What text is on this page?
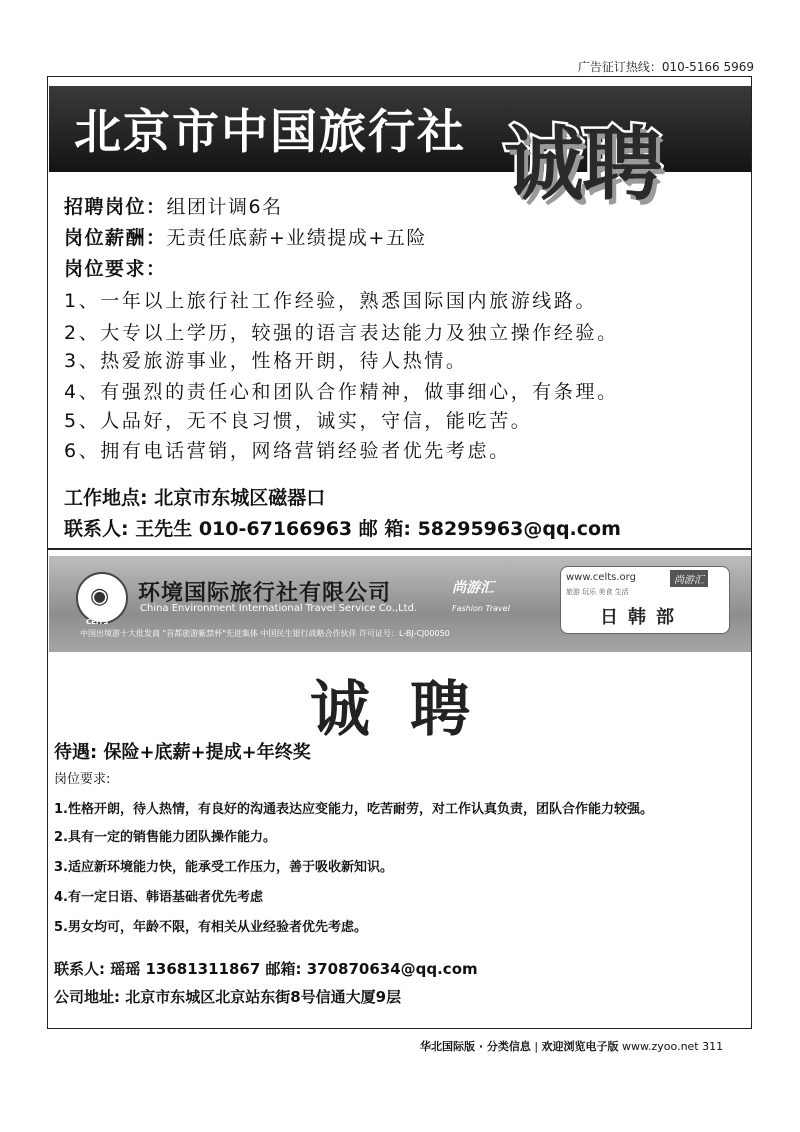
广告征订热线：010-5166 5969
北京市中国旅行社 诚聘
招聘岗位：组团计调6名
岗位薪酬：无责任底薪+业绩提成+五险
岗位要求：
1、一年以上旅行社工作经验，熟悉国际国内旅游线路。
2、大专以上学历，较强的语言表达能力及独立操作经验。
3、热爱旅游事业，性格开朗，待人热情。
4、有强烈的责任心和团队合作精神，做事细心，有条理。
5、人品好，无不良习惯，诚实，守信，能吃苦。
6、拥有电话营销，网络营销经验者优先考虑。
工作地点: 北京市东城区磁器口
联系人: 王先生 010-67166963 邮 箱: 58295963@qq.com
◉
CEITS
环境国际旅行社有限公司
China Environment International Travel Service Co.,Ltd.
尚游汇
Fashion Travel
中国出境游十大批发商 "首都旅游紫禁杯"先进集体 中国民生银行战略合作伙伴 许可证号：L-BJ-CJ00050
www.celts.org	尚游汇
旅游 玩乐 美食 生活
日韩部
诚聘
待遇: 保险+底薪+提成+年终奖
岗位要求:
1.性格开朗，待人热情，有良好的沟通表达应变能力，吃苦耐劳，对工作认真负责，团队合作能力较强。
2.具有一定的销售能力团队操作能力。
3.适应新环境能力快，能承受工作压力，善于吸收新知识。
4.有一定日语、韩语基础者优先考虑
5.男女均可，年龄不限，有相关从业经验者优先考虑。
联系人: 瑶瑶 13681311867 邮箱: 370870634@qq.com
公司地址: 北京市东城区北京站东街8号信通大厦9层
华北国际版 · 分类信息 | 欢迎浏览电子版 www.zyoo.net 311
